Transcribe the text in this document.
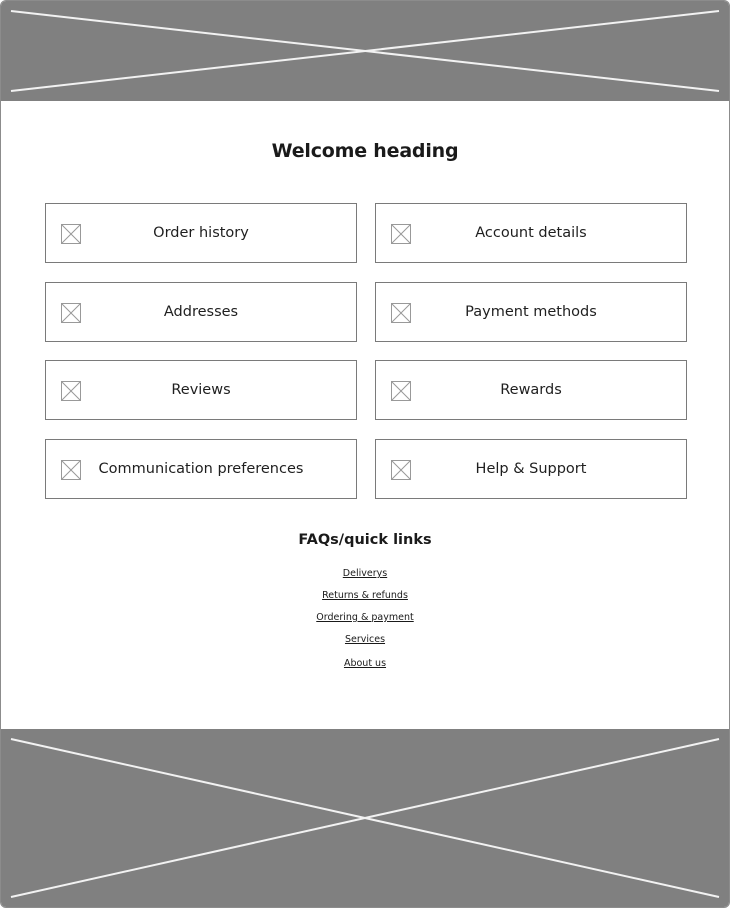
Welcome heading
Order history	Account details
Addresses	Payment methods
Reviews	Rewards
Communication preferences	Help & Support
FAQs/quick links
Deliverys
Returns & refunds
Ordering & payment
Services
About us
